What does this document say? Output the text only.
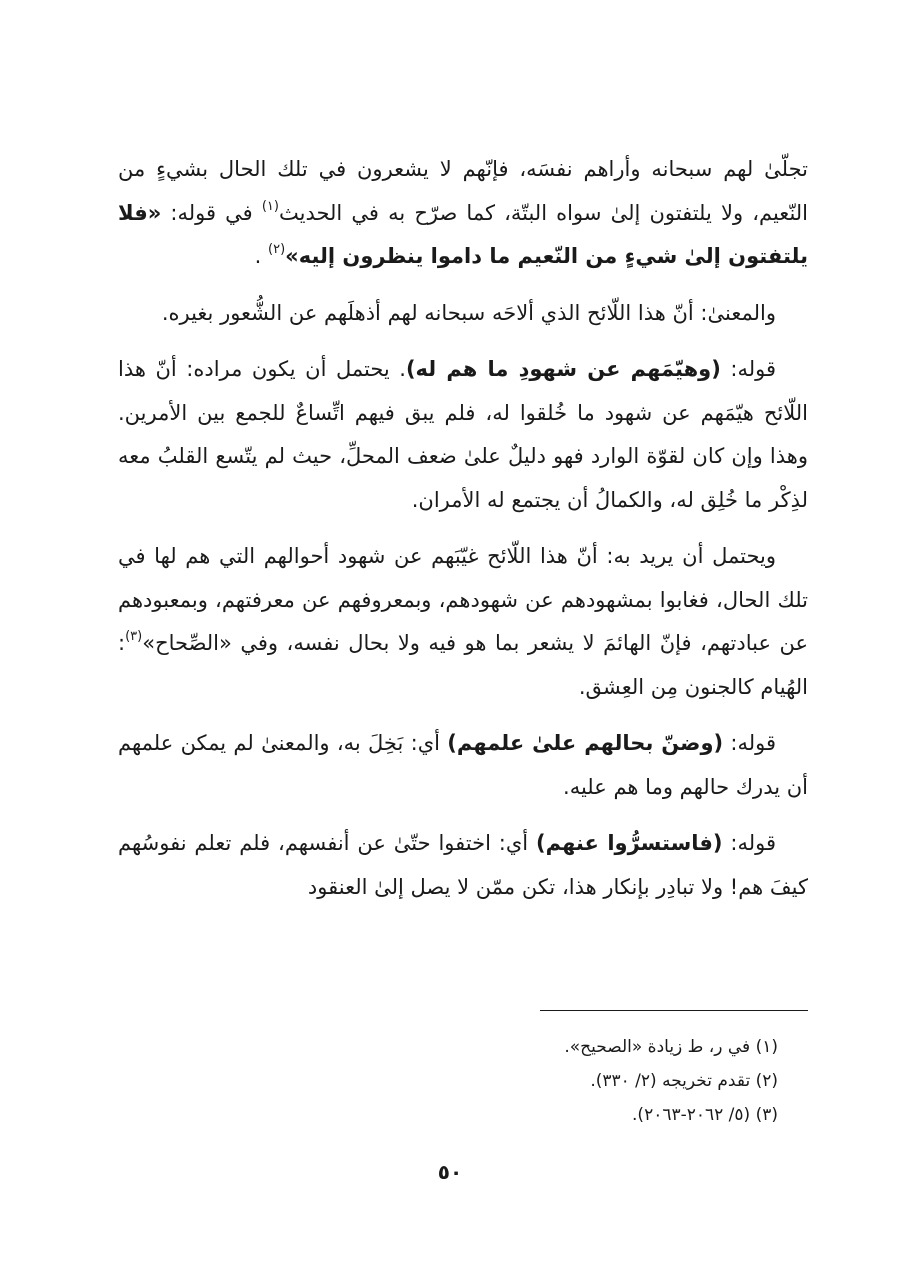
تجلّىٰ لهم سبحانه وأراهم نفسَه، فإنّهم لا يشعرون في تلك الحال بشيءٍ من النّعيم، ولا يلتفتون إلىٰ سواه البتّة، كما صرّح به في الحديث$^{(١)}$ في قوله: «فلا يلتفتون إلىٰ شيءٍ من النّعيم ما داموا ينظرون إليه»$^{(٢)}$ .

والمعنىٰ: أنّ هذا اللّائح الذي ألاحَه سبحانه لهم أذهلَهم عن الشُّعور بغيره.

قوله: (وهيّمَهم عن شهودِ ما هم له). يحتمل أن يكون مراده: أنّ هذا اللّائح هيّمَهم عن شهود ما خُلقوا له، فلم يبق فيهم اتِّساعٌ للجمع بين الأمرين. وهذا وإن كان لقوّة الوارد فهو دليلٌ علىٰ ضعف المحلِّ، حيث لم يتّسع القلبُ معه لذِكْر ما خُلِق له، والكمالُ أن يجتمع له الأمران.

ويحتمل أن يريد به: أنّ هذا اللّائح غيّبَهم عن شهود أحوالهم التي هم لها في تلك الحال، فغابوا بمشهودهم عن شهودهم، وبمعروفهم عن معرفتهم، وبمعبودهم عن عبادتهم، فإنّ الهائمَ لا يشعر بما هو فيه ولا بحال نفسه، وفي «الصِّحاح»$^{(٣)}$: الهُيام كالجنون مِن العِشق.

قوله: (وضنّ بحالهم علىٰ علمهم) أي: بَخِلَ به، والمعنىٰ لم يمكن علمهم أن يدرك حالهم وما هم عليه.

قوله: (فاستسرُّوا عنهم) أي: اختفوا حتّىٰ عن أنفسهم، فلم تعلم نفوسُهم كيفَ هم! ولا تبادِر بإنكار هذا، تكن ممّن لا يصل إلىٰ العنقود

(١) في ر، ط زيادة «الصحيح».

(٢) تقدم تخريجه (٢/ ٣٣٠).

(٣) (٥/ ٢٠٦٢-٢٠٦٣).

٥٠
